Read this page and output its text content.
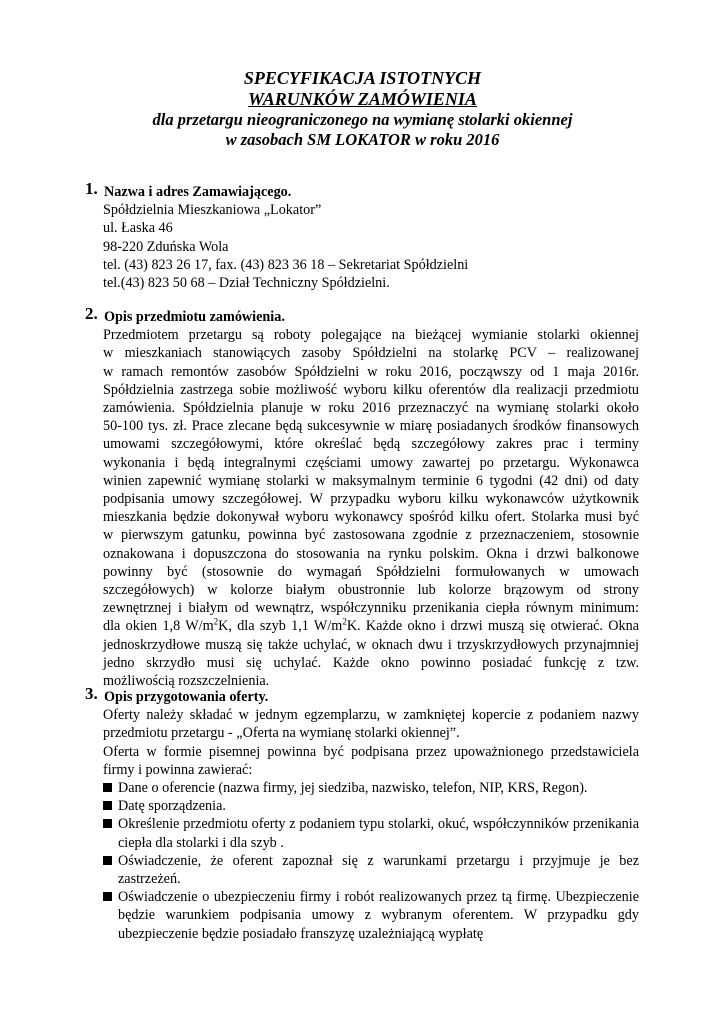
SPECYFIKACJA ISTOTNYCH
WARUNKÓW ZAMÓWIENIA
dla przetargu nieograniczonego na wymianę stolarki okiennej
w zasobach SM LOKATOR w roku 2016
1. Nazwa i adres Zamawiającego.
Spółdzielnia Mieszkaniowa „Lokator”
ul. Łaska 46
98-220 Zduńska Wola
tel. (43) 823 26 17, fax. (43) 823 36 18 – Sekretariat Spółdzielni
tel.(43) 823 50 68 – Dział Techniczny Spółdzielni.
2. Opis przedmiotu zamówienia.
Przedmiotem przetargu są roboty polegające na bieżącej wymianie stolarki okiennej
w mieszkaniach stanowiących zasoby Spółdzielni na stolarkę PCV – realizowanej
w ramach remontów zasobów Spółdzielni w roku 2016, począwszy od 1 maja 2016r.
Spółdzielnia zastrzega sobie możliwość wyboru kilku oferentów dla realizacji przedmiotu
zamówienia. Spółdzielnia planuje w roku 2016 przeznaczyć na wymianę stolarki około
50-100 tys. zł. Prace zlecane będą sukcesywnie w miarę posiadanych środków finansowych
umowami szczegółowymi, które określać będą szczegółowy zakres prac i terminy
wykonania i będą integralnymi częściami umowy zawartej po przetargu. Wykonawca
winien zapewnić wymianę stolarki w maksymalnym terminie 6 tygodni (42 dni) od daty
podpisania umowy szczegółowej. W przypadku wyboru kilku wykonawców użytkownik
mieszkania będzie dokonywał wyboru wykonawcy spośród kilku ofert. Stolarka musi być
w pierwszym gatunku, powinna być zastosowana zgodnie z przeznaczeniem, stosownie
oznakowana i dopuszczona do stosowania na rynku polskim. Okna i drzwi balkonowe
powinny być (stosownie do wymagań Spółdzielni formułowanych w umowach
szczegółowych) w kolorze białym obustronnie lub kolorze brązowym od strony
zewnętrznej i białym od wewnątrz, współczynniku przenikania ciepła równym minimum:
dla okien 1,8 $W/m^2K$, dla szyb 1,1 $W/m^2K$. Każde okno i drzwi muszą się otwierać. Okna
jednoskrzydłowe muszą się także uchylać, w oknach dwu i trzyskrzydłowych przynajmniej
jedno skrzydło musi się uchylać. Każde okno powinno posiadać funkcję z tzw.
możliwością rozszczelnienia.
3. Opis przygotowania oferty.
Oferty należy składać w jednym egzemplarzu, w zamkniętej kopercie z podaniem nazwy
przedmiotu przetargu - „Oferta na wymianę stolarki okiennej”.
Oferta w formie pisemnej powinna być podpisana przez upoważnionego przedstawiciela
firmy i powinna zawierać:
Dane o oferencie (nazwa firmy, jej siedziba, nazwisko, telefon, NIP, KRS, Regon).
Datę sporządzenia.
Określenie przedmiotu oferty z podaniem typu stolarki, okuć, współczynników przenikania ciepła dla stolarki i dla szyb .
Oświadczenie, że oferent zapoznał się z warunkami przetargu i przyjmuje je bez zastrzeżeń.
Oświadczenie o ubezpieczeniu firmy i robót realizowanych przez tą firmę. Ubezpieczenie będzie warunkiem podpisania umowy z wybranym oferentem. W przypadku gdy ubezpieczenie będzie posiadało franszyzę uzależniającą wypłatę
